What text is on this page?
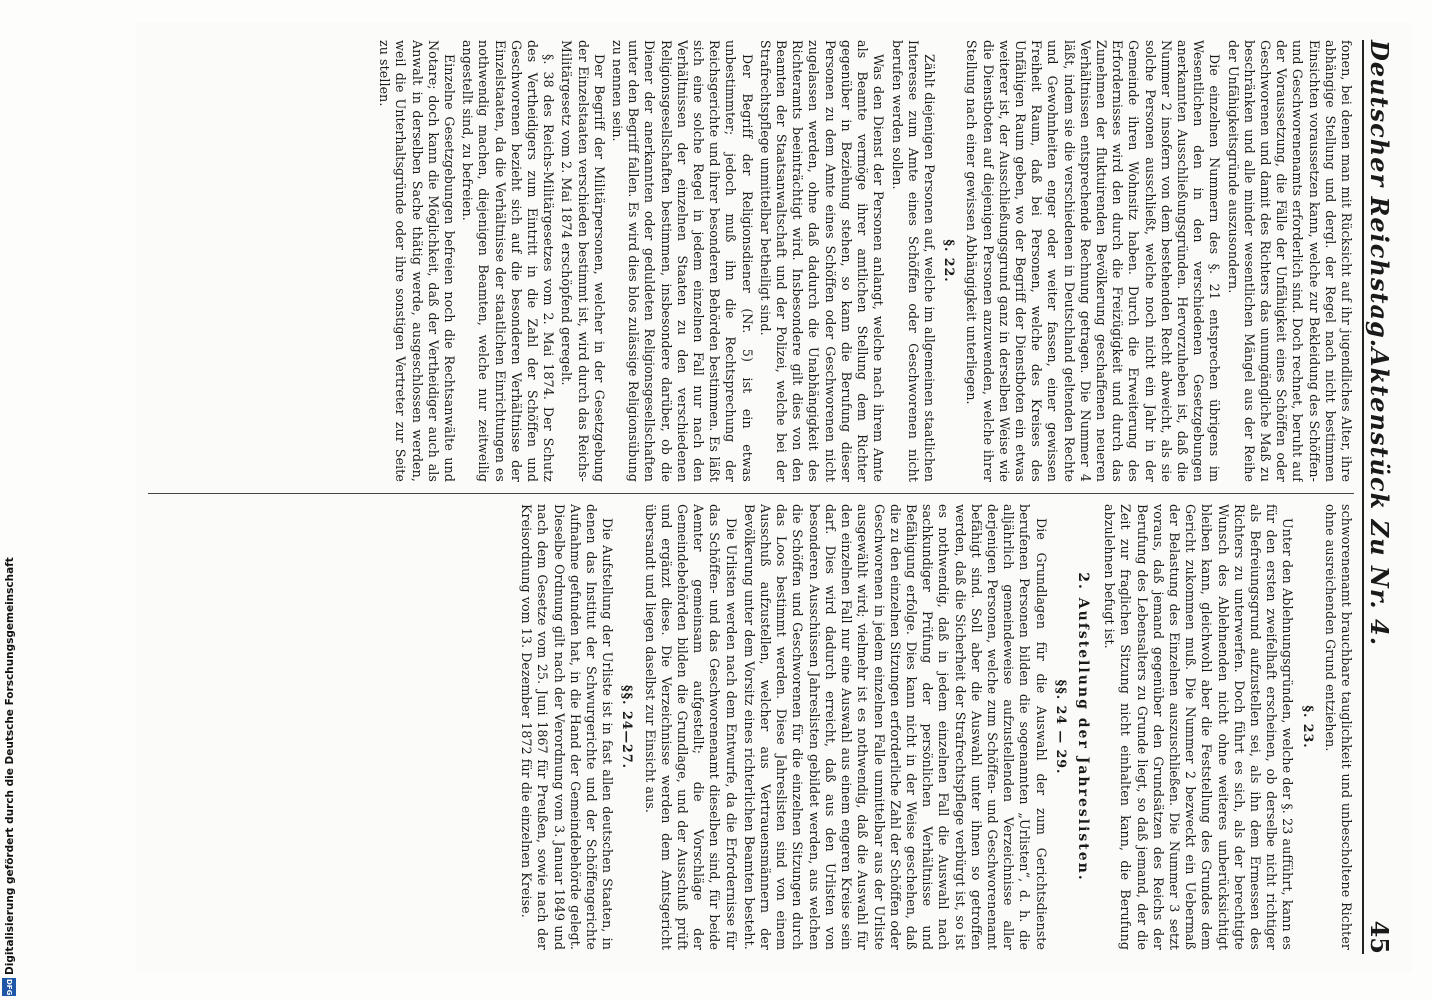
Deutscher Reichstag.
Aktenstück Zu Nr. 4.
45

fonen, bei denen man mit Rücksicht auf ihr jugendliches Alter, ihre abhängige Stellung und dergl. der Regel nach nicht bestimmen Einsichten voraussetzen kann, welche zur Bekleidung des Schöffen- und Geschworenenamts erforderlich sind. Doch rechnet, beruht auf der Voraussetzung, die Fälle der Unfähigkeit eines Schöffen oder Geschworenen und damit des Richters das unumgängliche Maß zu beschränken und alle minder wesentlichen Mängel aus der Reihe der Unfähigkeitsgründe auszusondern.

Die einzelnen Nummern des §. 21 entsprechen übrigens im Wesentlichen den in den verschiedenen Gesetzgebungen anerkannten Ausschließungsgründen. Hervorzuheben ist, daß die Nummer 2 insofern von dem bestehenden Recht abweicht, als sie solche Personen ausschließt, welche noch nicht ein Jahr in der Gemeinde ihren Wohnsitz haben. Durch die Erweiterung des Erfordernisses wird den durch die Freizügigkeit und durch das Zunehmen der fluktuirenden Bevölkerung geschaffenen neueren Verhältnissen entsprechende Rechnung getragen. Die Nummer 4 läßt, indem sie die verschiedenen in Deutschland geltenden Rechte und Gewohnheiten enger oder weiter fassen, einer gewissen Freiheit Raum, daß bei Personen, welche des Kreises des Unfähigen Raum geben, wo der Begriff der Dienstboten ein etwas weiterer ist, der Ausschließungsgrund ganz in derselben Weise wie die Dienstboten auf diejenigen Personen anzuwenden, welche ihrer Stellung nach einer gewissen Abhängigkeit unterliegen.

§. 22.

Zählt diejenigen Personen auf, welche im allgemeinen staatlichen Interesse zum Amte eines Schöffen oder Geschworenen nicht berufen werden sollen.

Was den Dienst der Personen anlangt, welche nach ihrem Amte als Beamte vermöge ihrer amtlichen Stellung dem Richter gegenüber in Beziehung stehen, so kann die Berufung dieser Personen zu dem Amte eines Schöffen oder Geschworenen nicht zugelassen werden, ohne daß dadurch die Unabhängigkeit des Richteramts beeinträchtigt wird. Insbesondere gilt dies von den Beamten der Staatsanwaltschaft und der Polizei, welche bei der Strafrechtspflege unmittelbar betheiligt sind.

Der Begriff der Religionsdiener (Nr. 5) ist ein etwas unbestimmter; jedoch muß ihn die Rechtsprechung der Reichsgerichte und ihrer besonderen Behörden bestimmen. Es läßt sich eine solche Regel in jedem einzelnen Fall nur nach den Verhältnissen der einzelnen Staaten zu den verschiedenen Religionsgesellschaften bestimmen, insbesondere darüber, ob die Diener der anerkannten oder geduldeten Religionsgesellschaften unter den Begriff fallen. Es wird dies blos zulässige Religionsübung zu nennen sein.

Der Begriff der Militärpersonen, welcher in der Gesetzgebung der Einzelstaaten verschieden bestimmt ist, wird durch das Reichs-Militärgesetz vom 2. Mai 1874 erschöpfend geregelt.

§. 38 des Reichs-Militärgesetzes vom 2. Mai 1874. Der Schutz des Vertheidigers zum Eintritt in die Zahl der Schöffen und Geschworenen bezieht sich auf die besonderen Verhältnisse der Einzelstaaten, da die Verhältnisse der staatlichen Einrichtungen es nothwendig machen, diejenigen Beamten, welche nur zeitweilig angestellt sind, zu befreien.

Einzelne Gesetzgebungen befreien noch die Rechtsanwälte und Notare; doch kann die Möglichkeit, daß der Vertheidiger auch als Anwalt in derselben Sache thätig werde, ausgeschlossen werden, weil die Unterhaltsgründe oder ihre sonstigen Vertreter zur Seite zu stellen.

schworenenamt brauchbare tauglichkeit und unbescholtene Richter ohne ausreichenden Grund entziehen.

§. 23.

Unter den Ablehnungsgründen, welche der §. 23 aufführt, kann es für den ersten zweifelhaft erscheinen, ob derselbe nicht richtiger als Befreiungsgrund aufzustellen sei, als ihn dem Ermessen des Richters zu unterwerfen. Doch führt es sich, als der berechtigte Wunsch des Ablehnenden nicht ohne weiteres unberücksichtigt bleiben kann, gleichwohl aber die Feststellung des Grundes dem Gericht zukommen muß. Die Nummer 2 bezweckt ein Uebermaß der Belastung des Einzelnen auszuschließen. Die Nummer 3 setzt voraus, daß jemand gegenüber den Grundsätzen des Reichs der Berufung des Lebensalters zu Grunde liegt, so daß jemand, der die Zeit zur fraglichen Sitzung nicht einhalten kann, die Berufung abzulehnen befugt ist.

2. Aufstellung der Jahreslisten.
§§. 24 — 29.

Die Grundlagen für die Auswahl der zum Gerichtsdienste berufenen Personen bilden die sogenannten „Urlisten“, d. h. die alljährlich gemeindeweise aufzustellenden Verzeichnisse aller derjenigen Personen, welche zum Schöffen- und Geschworenenamt befähigt sind. Soll aber die Auswahl unter ihnen so getroffen werden, daß die Sicherheit der Strafrechtspflege verbürgt ist, so ist es nothwendig, daß in jedem einzelnen Fall die Auswahl nach sachkundiger Prüfung der persönlichen Verhältnisse und Befähigung erfolge. Dies kann nicht in der Weise geschehen, daß die zu den einzelnen Sitzungen erforderliche Zahl der Schöffen oder Geschworenen in jedem einzelnen Falle unmittelbar aus der Urliste ausgewählt wird; vielmehr ist es nothwendig, daß die Auswahl für den einzelnen Fall nur eine Auswahl aus einem engeren Kreise sein darf. Dies wird dadurch erreicht, daß aus den Urlisten von besonderen Ausschüssen Jahreslisten gebildet werden, aus welchen die Schöffen und Geschworenen für die einzelnen Sitzungen durch das Loos bestimmt werden. Diese Jahreslisten sind von einem Ausschuß aufzustellen, welcher aus Vertrauensmännern der Bevölkerung unter dem Vorsitz eines richterlichen Beamten besteht.

Die Urlisten werden nach dem Entwurfe, da die Erfordernisse für das Schöffen- und das Geschworenenamt dieselben sind, für beide Aemter gemeinsam aufgestellt; die Vorschläge der Gemeindebehörden bilden die Grundlage, und der Ausschuß prüft und ergänzt diese. Die Verzeichnisse werden dem Amtsgericht übersandt und liegen daselbst zur Einsicht aus.

§§. 24—27.

Die Aufstellung der Urliste ist in fast allen deutschen Staaten, in denen das Institut der Schwurgerichte und der Schöffengerichte Aufnahme gefunden hat, in die Hand der Gemeindebehörde gelegt. Dieselbe Ordnung gilt nach der Verordnung vom 3. Januar 1849 und nach dem Gesetze vom 25. Juni 1867 für Preußen, sowie nach der Kreisordnung vom 13. Dezember 1872 für die einzelnen Kreise.

Digitalisierung gefördert durch die Deutsche Forschungsgemeinschaft
DFG
